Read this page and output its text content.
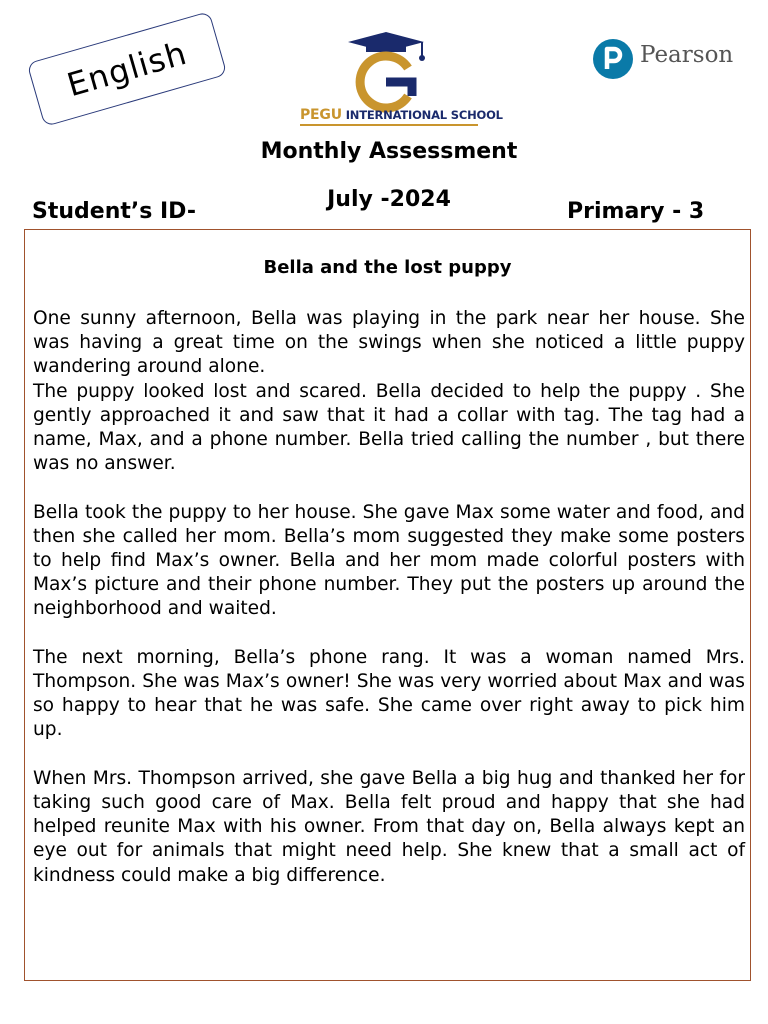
English
PEGU INTERNATIONAL SCHOOL
Pearson
Monthly Assessment
July -2024
Student’s ID-	Primary - 3
Bella and the lost puppy

One sunny afternoon, Bella was playing in the park near her house. She was having a great time on the swings when she noticed a little puppy wandering around alone.

The puppy looked lost and scared. Bella decided to help the puppy . She gently approached it and saw that it had a collar with tag. The tag had a name, Max, and a phone number. Bella tried calling the number , but there was no answer.

Bella took the puppy to her house. She gave Max some water and food, and then she called her mom. Bella’s mom suggested they make some posters to help find Max’s owner. Bella and her mom made colorful posters with Max’s picture and their phone number. They put the posters up around the neighborhood and waited.

The next morning, Bella’s phone rang. It was a woman named Mrs. Thompson. She was Max’s owner! She was very worried about Max and was so happy to hear that he was safe. She came over right away to pick him up.

When Mrs. Thompson arrived, she gave Bella a big hug and thanked her for taking such good care of Max. Bella felt proud and happy that she had helped reunite Max with his owner. From that day on, Bella always kept an eye out for animals that might need help. She knew that a small act of kindness could make a big difference.
